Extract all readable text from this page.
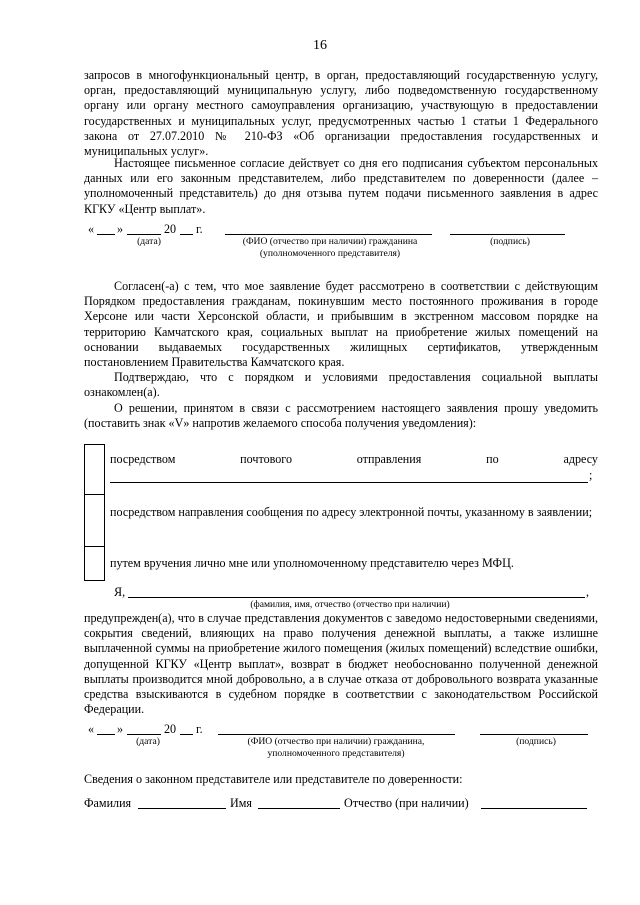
16
запросов в многофункциональный центр, в орган, предоставляющий государственную услугу, орган, предоставляющий муниципальную услугу, либо подведомственную государственному органу или органу местного самоуправления организацию, участвующую в предоставлении государственных и муниципальных услуг, предусмотренных частью 1 статьи 1 Федерального закона от 27.07.2010 № 210-ФЗ «Об организации предоставления государственных и муниципальных услуг».
Настоящее письменное согласие действует со дня его подписания субъектом персональных данных или его законным представителем, либо представителем по доверенности (далее – уполномоченный представитель) до дня отзыва путем подачи письменного заявления в адрес КГКУ «Центр выплат».
« »	20 г.
(дата)	(ФИО (отчество при наличии) гражданина
(уполномоченного представителя)
(подпись)
Согласен(-а) с тем, что мое заявление будет рассмотрено в соответствии с действующим Порядком предоставления гражданам, покинувшим место постоянного проживания в городе Херсоне или части Херсонской области, и прибывшим в экстренном массовом порядке на территорию Камчатского края, социальных выплат на приобретение жилых помещений на основании выдаваемых государственных жилищных сертификатов, утвержденным постановлением Правительства Камчатского края.
Подтверждаю, что с порядком и условиями предоставления социальной выплаты ознакомлен(а).
О решении, принятом в связи с рассмотрением настоящего заявления прошу уведомить (поставить знак «V» напротив желаемого способа получения уведомления):
посредством	почтового	отправления	по	адресу
;
посредством направления сообщения по адресу электронной почты, указанному в заявлении;
путем вручения лично мне или уполномоченному представителю через МФЦ.
Я,	,
(фамилия, имя, отчество (отчество при наличии)
предупрежден(а), что в случае представления документов с заведомо недостоверными сведениями, сокрытия сведений, влияющих на право получения денежной выплаты, а также излишне выплаченной суммы на приобретение жилого помещения (жилых помещений) вследствие ошибки, допущенной КГКУ «Центр выплат», возврат в бюджет необоснованно полученной денежной выплаты производится мной добровольно, а в случае отказа от добровольного возврата указанные средства взыскиваются в судебном порядке в соответствии с законодательством Российской Федерации.
« »	20 г.
(дата)	(ФИО (отчество при наличии) гражданина,
уполномоченного представителя)
(подпись)
Сведения о законном представителе или представителе по доверенности:
Фамилия	Имя	Отчество (при наличии)
